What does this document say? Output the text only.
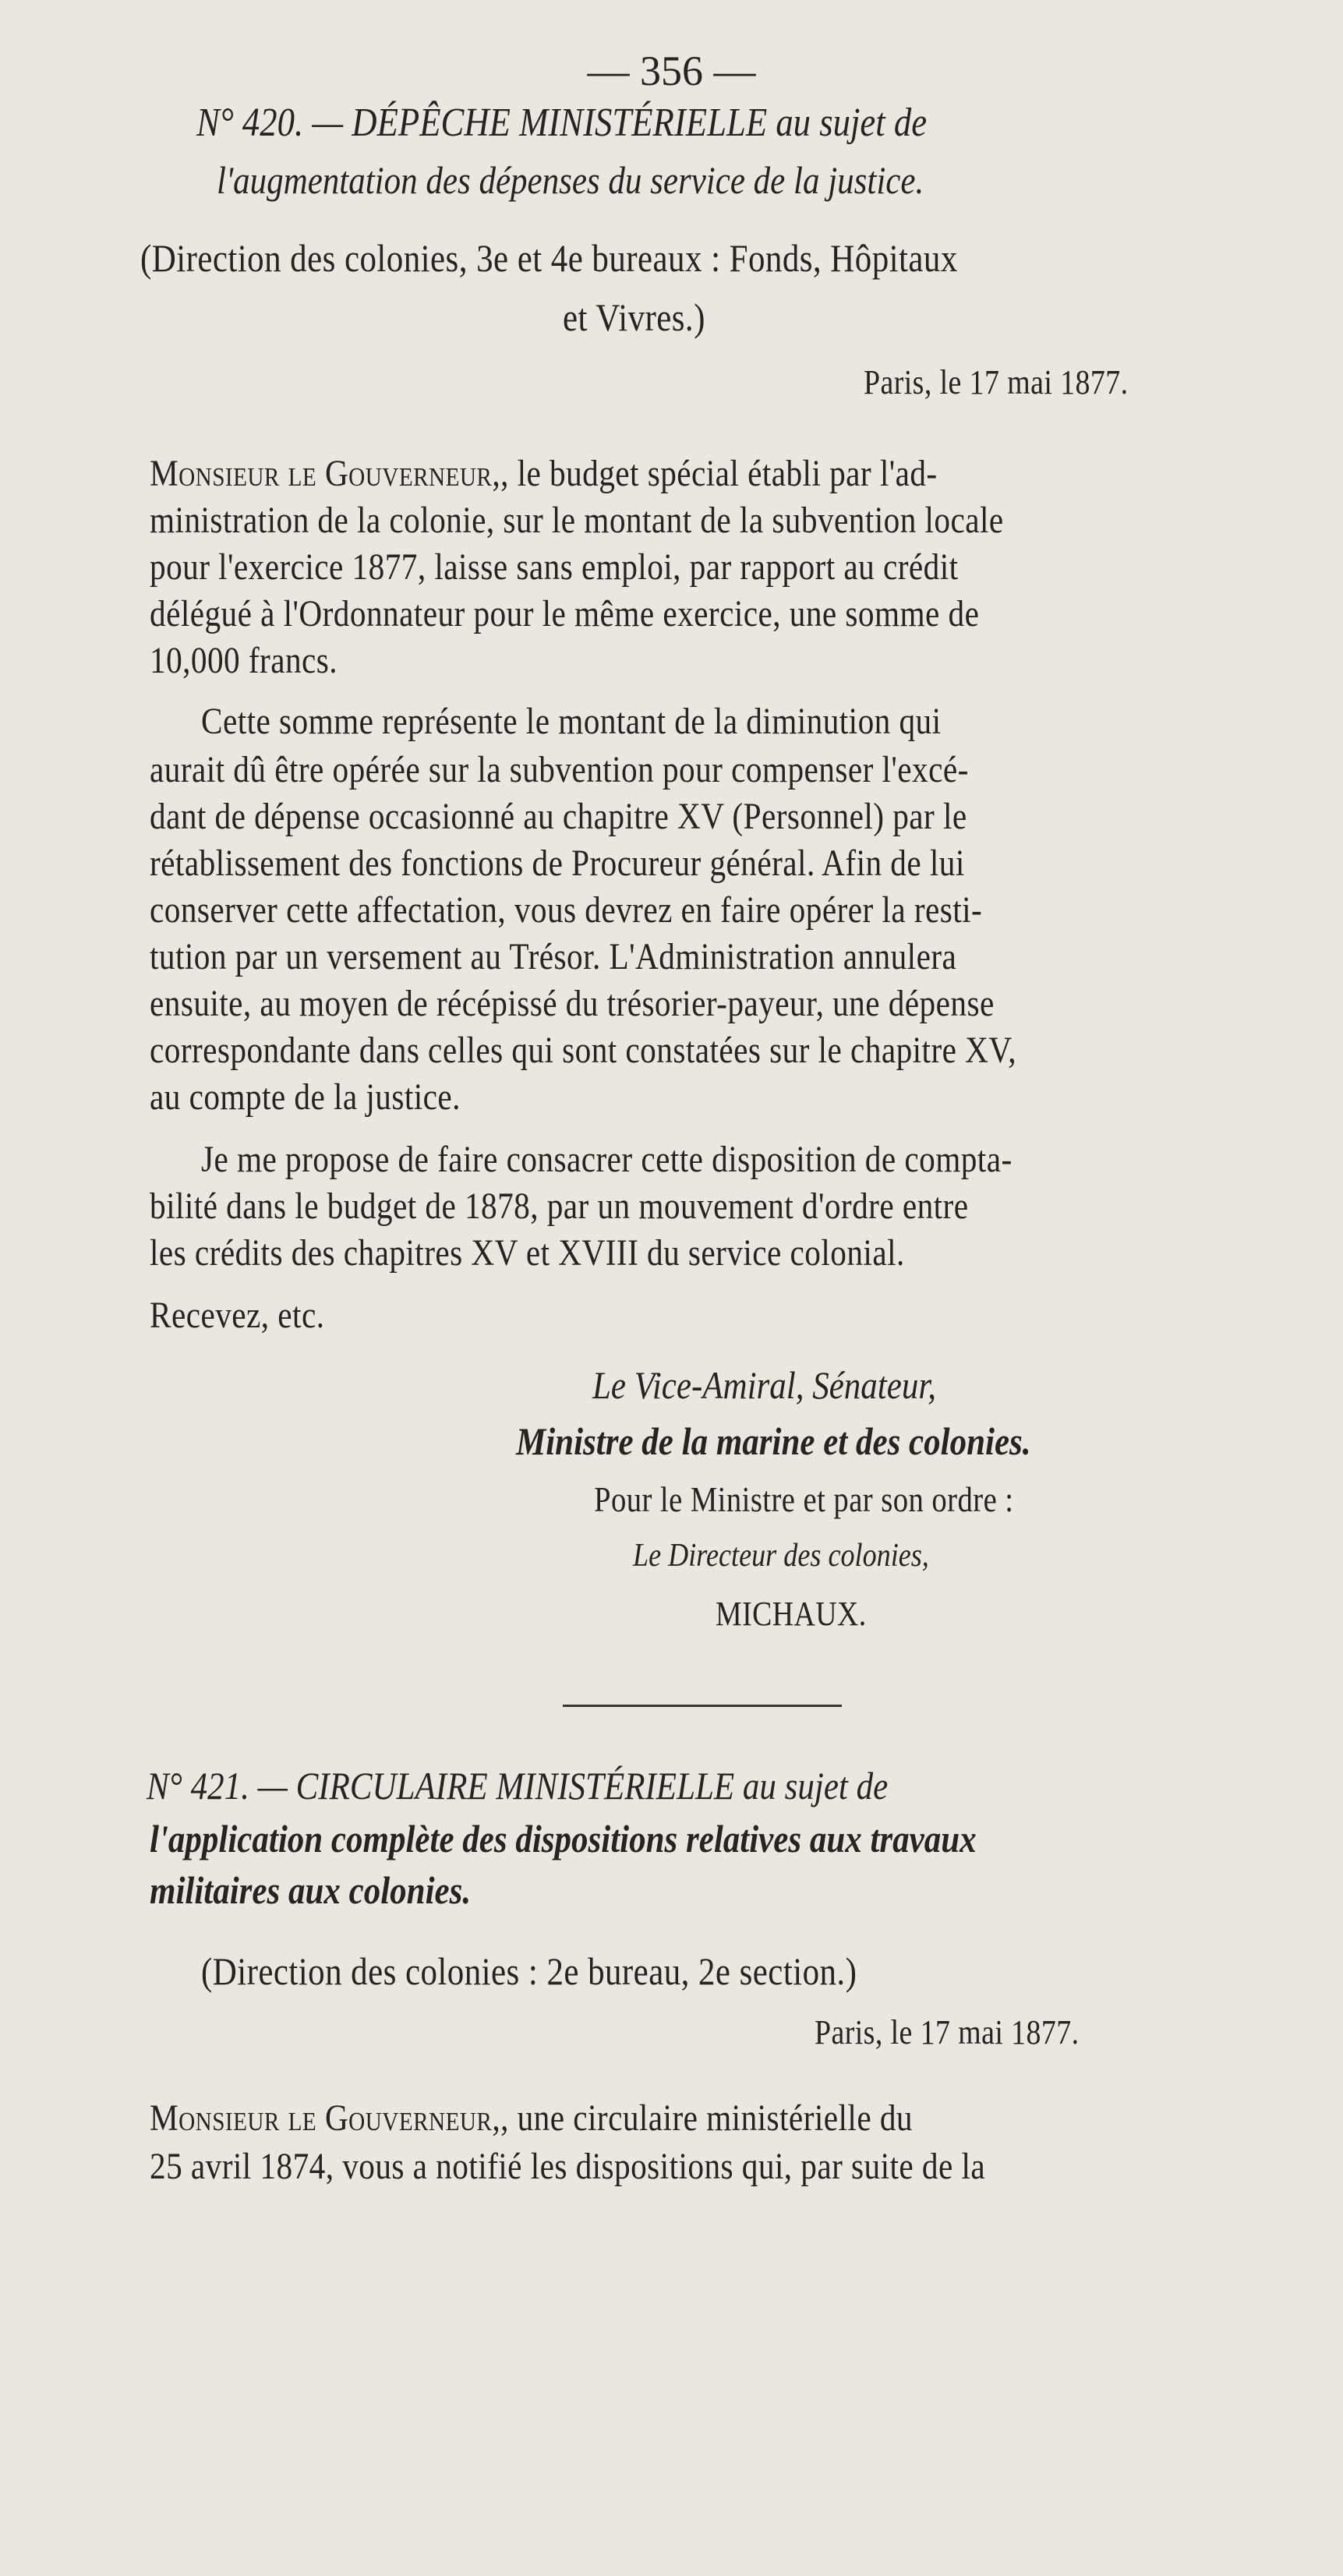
— 356 —
N° 420. — DÉPÊCHE MINISTÉRIELLE au sujet de
l'augmentation des dépenses du service de la justice.
(Direction des colonies, 3e et 4e bureaux : Fonds, Hôpitaux
et Vivres.)
Paris, le 17 mai 1877.
Monsieur le Gouverneur,, le budget spécial établi par l'ad-
ministration de la colonie, sur le montant de la subvention locale
pour l'exercice 1877, laisse sans emploi, par rapport au crédit
délégué à l'Ordonnateur pour le même exercice, une somme de
10,000 francs.
Cette somme représente le montant de la diminution qui
aurait dû être opérée sur la subvention pour compenser l'excé-
dant de dépense occasionné au chapitre XV (Personnel) par le
rétablissement des fonctions de Procureur général. Afin de lui
conserver cette affectation, vous devrez en faire opérer la resti-
tution par un versement au Trésor. L'Administration annulera
ensuite, au moyen de récépissé du trésorier-payeur, une dépense
correspondante dans celles qui sont constatées sur le chapitre XV,
au compte de la justice.
Je me propose de faire consacrer cette disposition de compta-
bilité dans le budget de 1878, par un mouvement d'ordre entre
les crédits des chapitres XV et XVIII du service colonial.
Recevez, etc.
Le Vice-Amiral, Sénateur,
Ministre de la marine et des colonies.
Pour le Ministre et par son ordre :
Le Directeur des colonies,
MICHAUX.
N° 421. — CIRCULAIRE MINISTÉRIELLE au sujet de
l'application complète des dispositions relatives aux travaux
militaires aux colonies.
(Direction des colonies : 2e bureau, 2e section.)
Paris, le 17 mai 1877.
Monsieur le Gouverneur,, une circulaire ministérielle du
25 avril 1874, vous a notifié les dispositions qui, par suite de la
